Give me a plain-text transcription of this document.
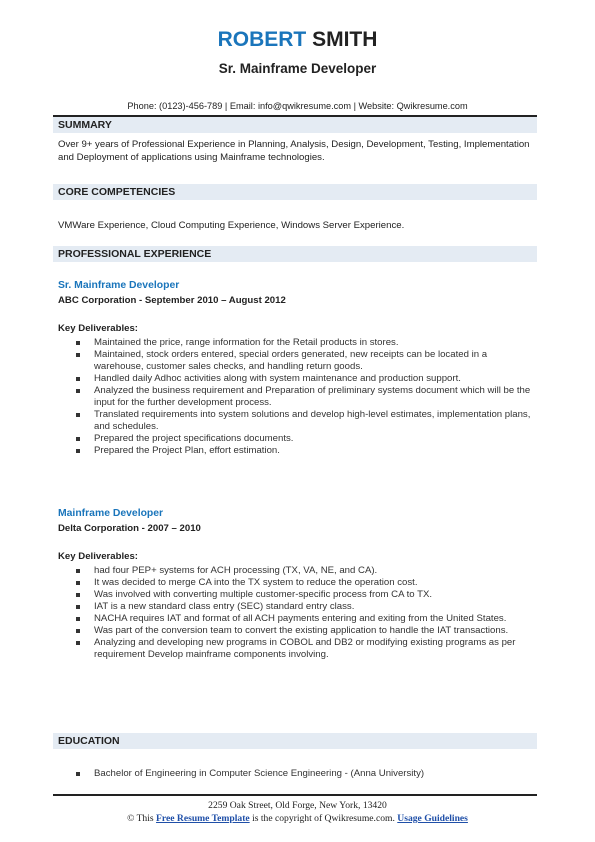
ROBERT SMITH
Sr. Mainframe Developer
Phone: (0123)-456-789 | Email: info@qwikresume.com | Website: Qwikresume.com
SUMMARY
Over 9+ years of Professional Experience in Planning, Analysis, Design, Development, Testing, Implementation and Deployment of applications using Mainframe technologies.
CORE COMPETENCIES
VMWare Experience, Cloud Computing Experience, Windows Server Experience.
PROFESSIONAL EXPERIENCE
Sr. Mainframe Developer
ABC Corporation - September 2010 – August 2012
Key Deliverables:
Maintained the price, range information for the Retail products in stores.
Maintained, stock orders entered, special orders generated, new receipts can be located in a warehouse, customer sales checks, and handling return goods.
Handled daily Adhoc activities along with system maintenance and production support.
Analyzed the business requirement and Preparation of preliminary systems document which will be the input for the further development process.
Translated requirements into system solutions and develop high-level estimates, implementation plans, and schedules.
Prepared the project specifications documents.
Prepared the Project Plan, effort estimation.
Mainframe Developer
Delta Corporation - 2007 – 2010
Key Deliverables:
had four PEP+ systems for ACH processing (TX, VA, NE, and CA).
It was decided to merge CA into the TX system to reduce the operation cost.
Was involved with converting multiple customer-specific process from CA to TX.
IAT is a new standard class entry (SEC) standard entry class.
NACHA requires IAT and format of all ACH payments entering and exiting from the United States.
Was part of the conversion team to convert the existing application to handle the IAT transactions.
Analyzing and developing new programs in COBOL and DB2 or modifying existing programs as per requirement Develop mainframe components involving.
EDUCATION
Bachelor of Engineering in Computer Science Engineering - (Anna University)
2259 Oak Street, Old Forge, New York, 13420
© This Free Resume Template is the copyright of Qwikresume.com. Usage Guidelines
